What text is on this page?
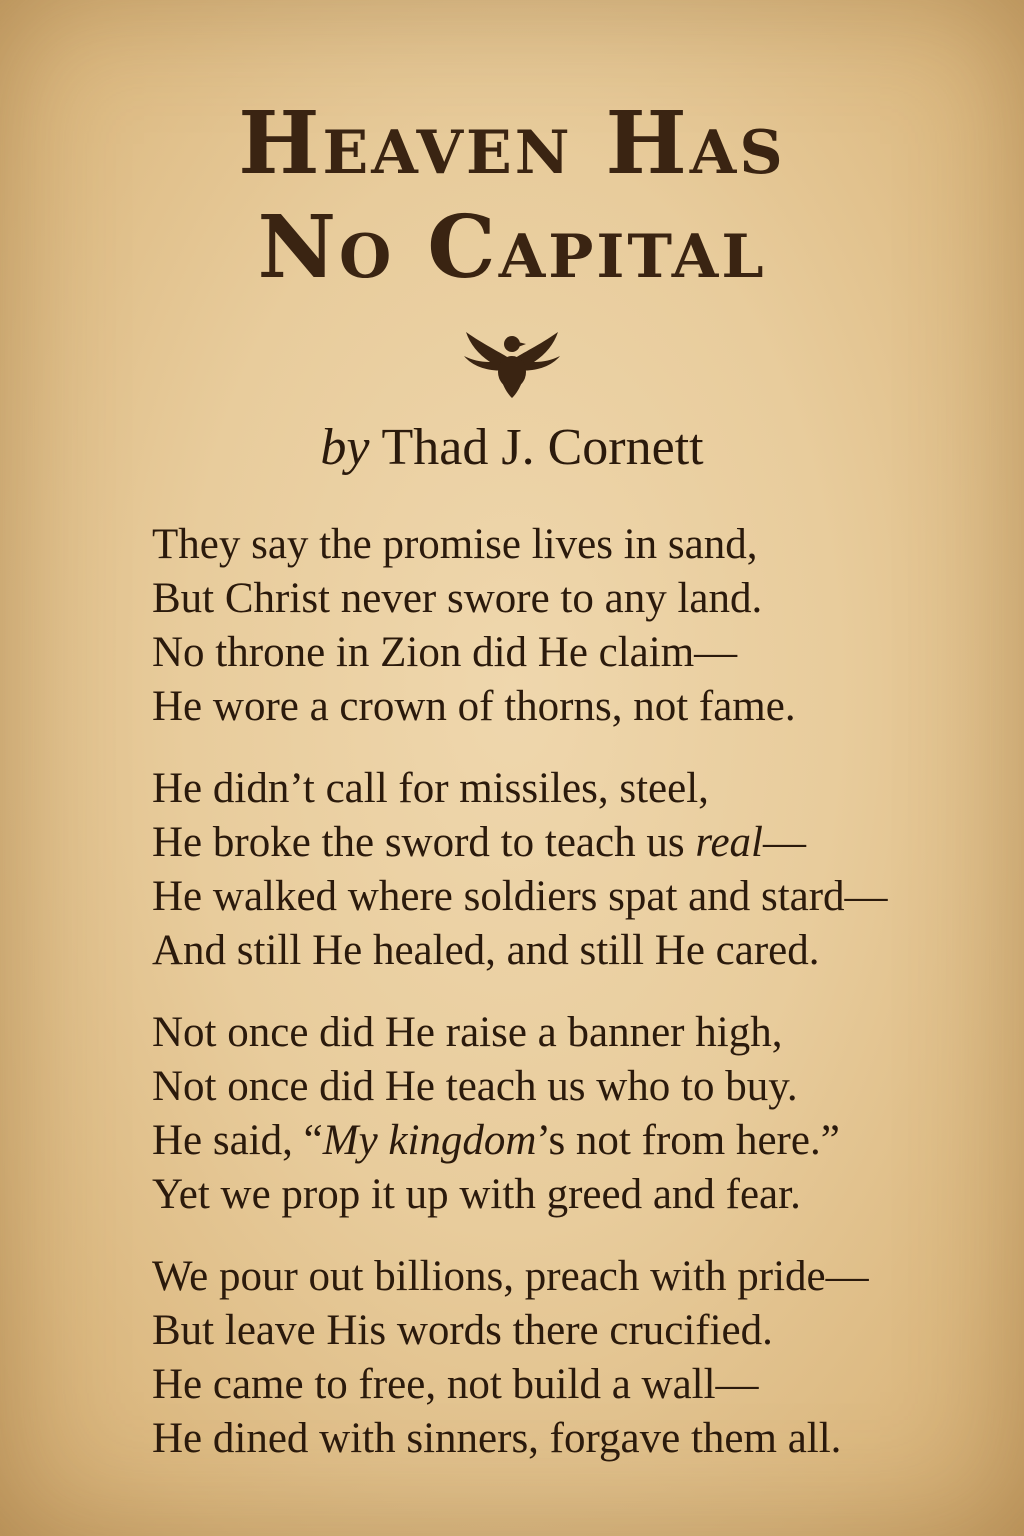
Heaven Has
No Capital
by Thad J. Cornett
They say the promise lives in sand,
But Christ never swore to any land.
No throne in Zion did He claim—
He wore a crown of thorns, not fame.
He didn’t call for missiles, steel,
He broke the sword to teach us real—
He walked where soldiers spat and stard—
And still He healed, and still He cared.
Not once did He raise a banner high,
Not once did He teach us who to buy.
He said, “My kingdom’s not from here.”
Yet we prop it up with greed and fear.
We pour out billions, preach with pride—
But leave His words there crucified.
He came to free, not build a wall—
He dined with sinners, forgave them all.
